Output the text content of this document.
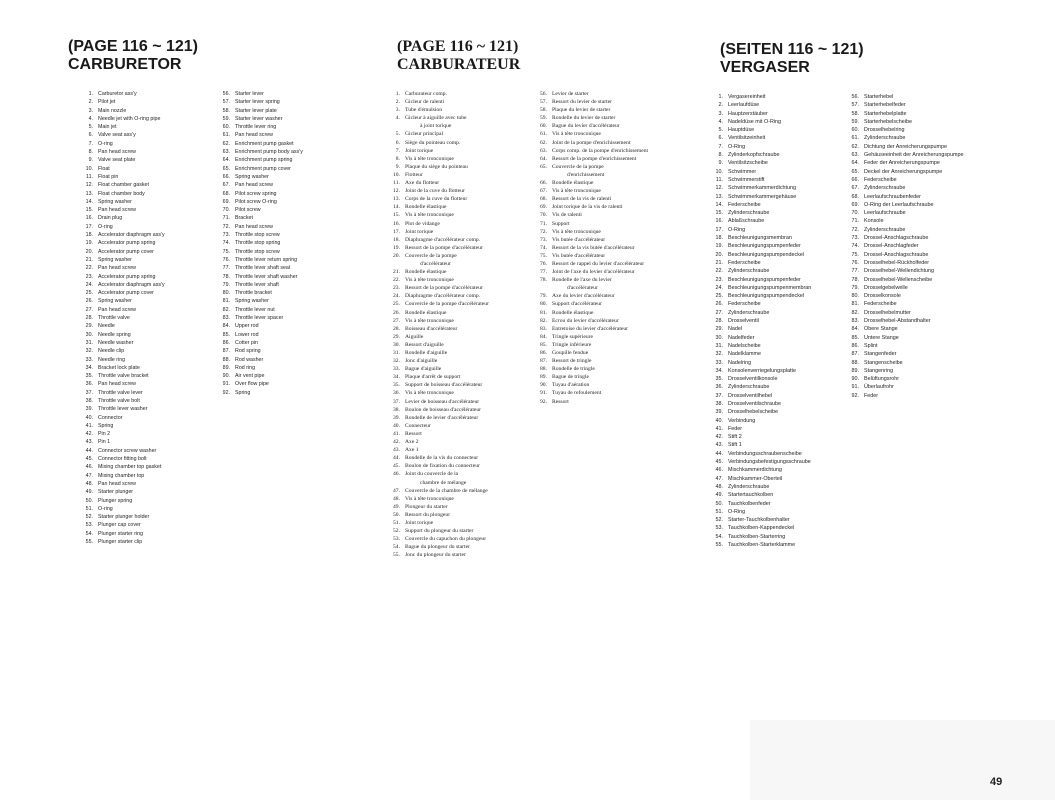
(PAGE 116 ~ 121)
CARBURETOR
1. Carburetor ass'y
2. Pilot jet
3. Main nozzle
4. Needle jet with O-ring pipe
5. Main jet
6. Valve seat ass'y
7. O-ring
8. Pan head screw
9. Valve seat plate
10. Float
11. Float pin
12. Float chamber gasket
13. Float chamber body
14. Spring washer
15. Pan head screw
16. Drain plug
17. O-ring
18. Accelerator diaphragm ass'y
19. Accelerator pump spring
20. Accelerator pump cover
21. Spring washer
22. Pan head screw
23. Accelerator pump spring
24. Accelerator diaphragm ass'y
25. Accelerator pump cover
26. Spring washer
27. Pan head screw
28. Throttle valve
29. Needle
30. Needle spring
31. Needle washer
32. Needle clip
33. Needle ring
34. Bracket lock plate
35. Throttle valve bracket
36. Pan head screw
37. Throttle valve lever
38. Throttle valve bolt
39. Throttle lever washer
40. Connector
41. Spring
42. Pin 2
43. Pin 1
44. Connector screw washer
45. Connector fitting bolt
46. Mixing chamber top gasket
47. Mixing chamber top
48. Pan head screw
49. Starter plunger
50. Plunger spring
51. O-ring
52. Starter plunger holder
53. Plunger cap cover
54. Plunger starter ring
55. Plunger starter clip
56. Starter lever
57. Starter lever spring
58. Starter lever plate
59. Starter lever washer
60. Throttle lever ring
61. Pan head screw
62. Enrichment pump gasket
63. Enrichment pump body ass'y
64. Enrichment pump spring
65. Enrichment pump cover
66. Spring washer
67. Pan head screw
68. Pilot screw spring
69. Pilot screw O-ring
70. Pilot screw
71. Bracket
72. Pan head screw
73. Throttle stop screw
74. Throttle stop spring
75. Throttle stop screw
76. Throttle lever return spring
77. Throttle lever shaft seal
78. Throttle lever shaft washer
79. Throttle lever shaft
80. Throttle bracket
81. Spring washer
82. Throttle lever nut
83. Throttle lever spacer
84. Upper rod
85. Lower rod
86. Cotter pin
87. Rod spring
88. Rod washer
89. Rod ring
90. Air vent pipe
91. Over flow pipe
92. Spring
(PAGE 116 ~ 121)
CARBURATEUR
1. Carburateur comp.
2. Gicleur de ralenti
3. Tube d'émulsion
4. Gicleur à aiguille avec tube
à joint torique
5. Gicleur principal
6. Siège du pointeau comp.
7. Joint torique
8. Vis à tête tronconique
9. Plaque du siège du pointeau
10. Flotteur
11. Axe du flotteur
12. Joint de la cuve du flotteur
13. Corps de la cuve du flotteur
14. Rondelle élastique
15. Vis à tête tronconique
16. Plot de vidange
17. Joint torique
18. Diaphragme d'accélérateur comp.
19. Ressort de la pompe d'accélérateur
20. Couvercle de la pompe
d'accélérateur
21. Rondelle élastique
22. Vis à tête tronconique
23. Ressort de la pompe d'accélérateur
24. Diaphragme d'accélérateur comp.
25. Couvercle de la pompe d'accélérateur
26. Rondelle élastique
27. Vis à tête tronconique
28. Boisseau d'accélérateur
29. Aiguille
30. Ressort d'aiguille
31. Rondelle d'aiguille
32. Jonc d'aiguille
33. Bague d'aiguille
34. Plaque d'arrêt de support
35. Support de boisseau d'accélérateur
36. Vis à tête tronconique
37. Levier de boisseau d'accélérateur
38. Boulon de boisseau d'accélérateur
39. Rondelle de levier d'accélérateur
40. Connecteur
41. Ressort
42. Axe 2
43. Axe 1
44. Rondelle de la vis du connecteur
45. Boulon de fixation du connecteur
46. Joint du couvercle de la
chambre de mélange
47. Couvercle de la chambre de mélange
48. Vis à tête tronconique
49. Plongeur du starter
50. Ressort du plongeur
51. Joint torique
52. Support du plongeur du starter
53. Couvercle du capuchon du plongeur
54. Bague du plongeur du starter
55. Jonc du plongeur du starter
56. Levier de starter
57. Ressort du levier de starter
58. Plaque du levier de starter
59. Rondelle du levier de starter
60. Bague du levier d'accélérateur
61. Vis à tête tronconique
62. Joint de la pompe d'enrichissement
63. Corps comp. de la pompe d'enrichissement
64. Ressort de la pompe d'enrichissement
65. Couvercle de la pompe
d'enrichissement
66. Rondelle élastique
67. Vis à tête tronconique
68. Ressort de la vis de ralenti
69. Joint torique de la vis de ralenti
70. Vis de ralenti
71. Support
72. Vis à tête tronconique
73. Vis butée d'accélérateur
74. Ressort de la vis butée d'accélérateur
75. Vis butée d'accélérateur
76. Ressort de rappel du levier d'accélérateur
77. Joint de l'axe du levier d'accélérateur
78. Rondelle de l'axe du levier
d'accélérateur
79. Axe du levier d'accélérateur
80. Support d'accélérateur
81. Rondelle élastique
82. Ecrou du levier d'accélérateur
83. Entretoise du levier d'accélérateur
84. Tringle supérieure
85. Tringle inférieure
86. Goupille fendue
87. Ressort de tringle
88. Rondelle de tringle
89. Bague de tringle
90. Tuyau d'aération
91. Tuyau de refoulement
92. Ressort
(SEITEN 116 ~ 121)
VERGASER
1. Vergasereinheit
2. Leerlaufdüse
3. Hauptzerstäuber
4. Nadeldüse mit O-Ring
5. Hauptdüse
6. Ventilsitzeinheit
7. O-Ring
8. Zylinderkopfschraube
9. Ventilsitzscheibe
10. Schwimmer
11. Schwimmerstift
12. Schwimmerkammerdichtung
13. Schwimmerkammergehäuse
14. Federscheibe
15. Zylinderschraube
16. Ablaßschraube
17. O-Ring
18. Beschleunigungsmembran
19. Beschleunigungspumpenfeder
20. Beschleunigungspumpendeckel
21. Federscheibe
22. Zylinderschraube
23. Beschleunigungspumpenfeder
24. Beschleunigungspumpenmembran
25. Beschleunigungspumpendeckel
26. Federscheibe
27. Zylinderschraube
28. Drosselventil
29. Nadel
30. Nadelfeder
31. Nadelscheibe
32. Nadelklamme
33. Nadelring
34. Konsolenverriegelungsplatte
35. Drosselventilkonsole
36. Zylinderschraube
37. Drosselventilhebel
38. Drosselventilschraube
39. Drosselhebelscheibe
40. Verbindung
41. Feder
42. Stift 2
43. Stift 1
44. Verbindungsschraubenscheibe
45. Verbindungsbefestigungsschraube
46. Mischkammerdichtung
47. Mischkammer-Oberteil
48. Zylinderschraube
49. Startertauchkolben
50. Tauchkolbenfeder
51. O-Ring
52. Starter-Tauchkolbenhalter
53. Tauchkolben-Kappendeckel
54. Tauchkolben-Starterring
55. Tauchkolben-Starterklamme
56. Starterhebel
57. Starterhebelfeder
58. Starterhebelplatte
59. Starterhebelscheibe
60. Drosselhebelring
61. Zylinderschraube
62. Dichtung der Anreicherungspumpe
63. Gehäuseeinheit der Anreicherungspumpe
64. Feder der Anreicherungspumpe
65. Deckel der Anreicherungspumpe
66. Federscheibe
67. Zylinderschraube
68. Leerlaufschraubenfeder
69. O-Ring der Leerlaufschraube
70. Leerlaufschraube
71. Konsole
72. Zylinderschraube
73. Drossel-Anschlagschraube
74. Drossel-Anschlagfeder
75. Drossel-Anschlagschraube
76. Drosselhebel-Rückholfeder
77. Drosselhebel-Wellendichtung
78. Drosselhebel-Wellenscheibe
79. Drosselgebelwelle
80. Drosselkonsole
81. Federscheibe
82. Drosselhebelmutter
83. Drosselhebel-Abstandhalter
84. Obere Stange
85. Untere Stange
86. Splint
87. Stangenfeder
88. Stangenscheibe
89. Stangenring
90. Belüftungsrohr
91. Überlaufrohr
92. Feder
49
